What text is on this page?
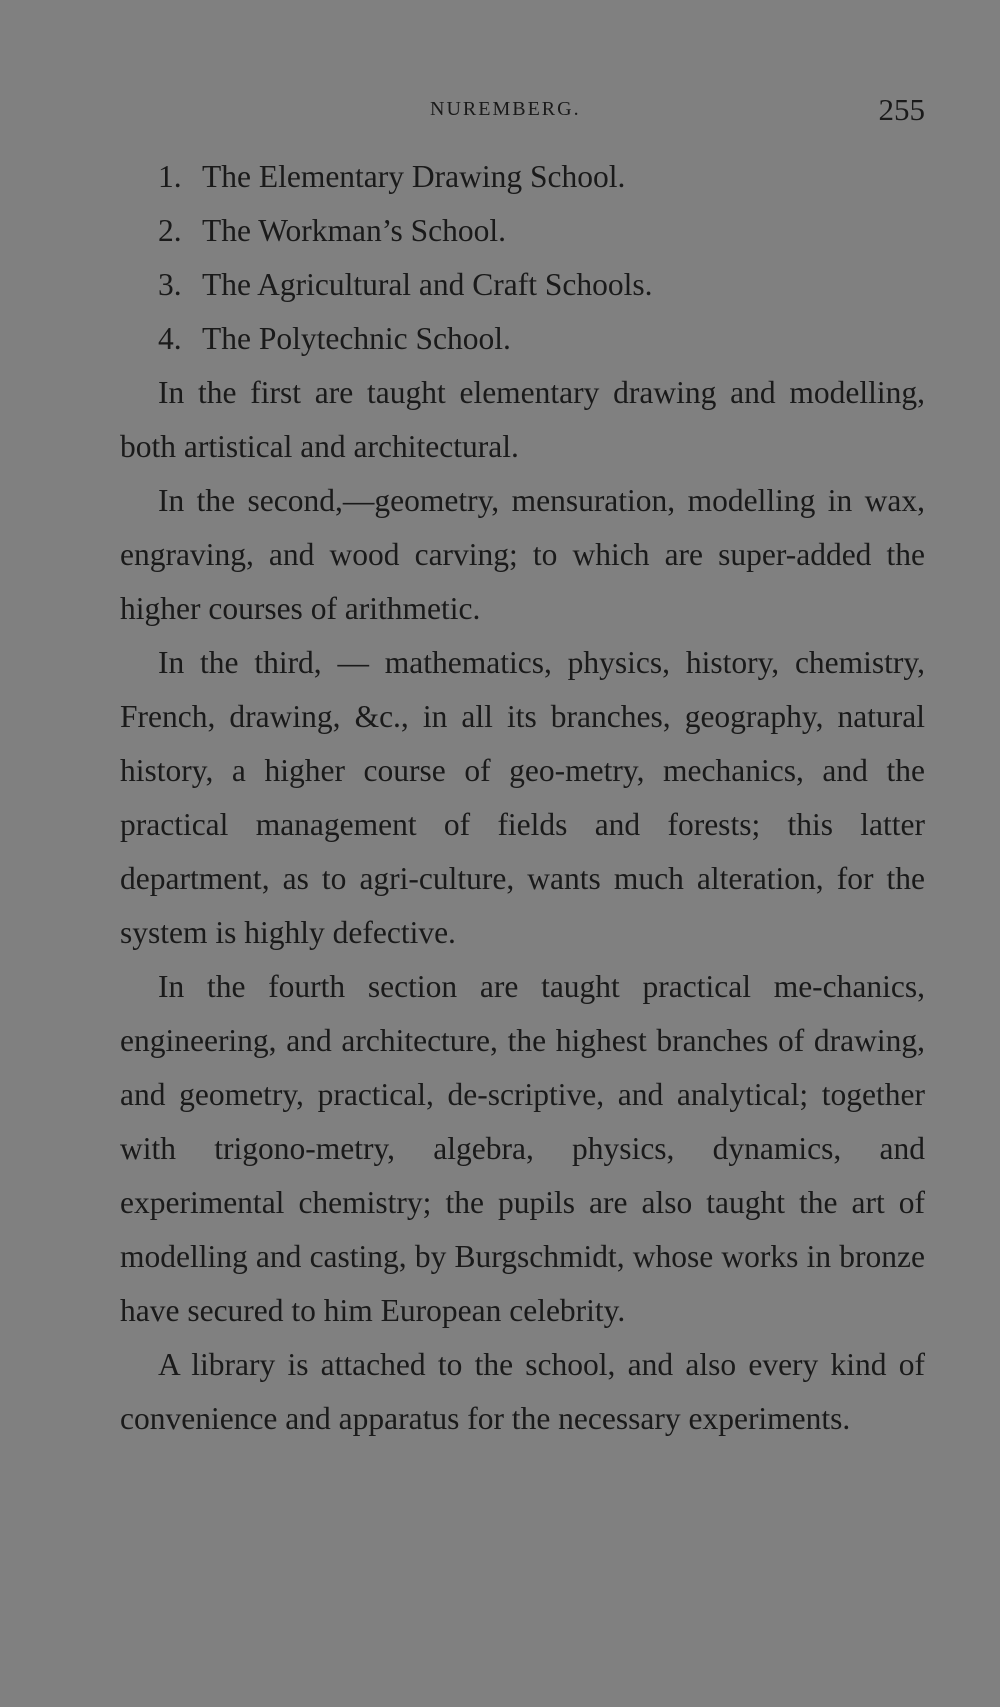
NUREMBERG.	255
1. The Elementary Drawing School.
2. The Workman’s School.
3. The Agricultural and Craft Schools.
4. The Polytechnic School.

In the first are taught elementary drawing and modelling, both artistical and architectural.

In the second,—geometry, mensuration, modelling in wax, engraving, and wood carving; to which are super-added the higher courses of arithmetic.

In the third, — mathematics, physics, history, chemistry, French, drawing, &c., in all its branches, geography, natural history, a higher course of geo-metry, mechanics, and the practical management of fields and forests; this latter department, as to agri-culture, wants much alteration, for the system is highly defective.

In the fourth section are taught practical me-chanics, engineering, and architecture, the highest branches of drawing, and geometry, practical, de-scriptive, and analytical; together with trigono-metry, algebra, physics, dynamics, and experimental chemistry; the pupils are also taught the art of modelling and casting, by Burgschmidt, whose works in bronze have secured to him European celebrity.

A library is attached to the school, and also every kind of convenience and apparatus for the necessary experiments.
